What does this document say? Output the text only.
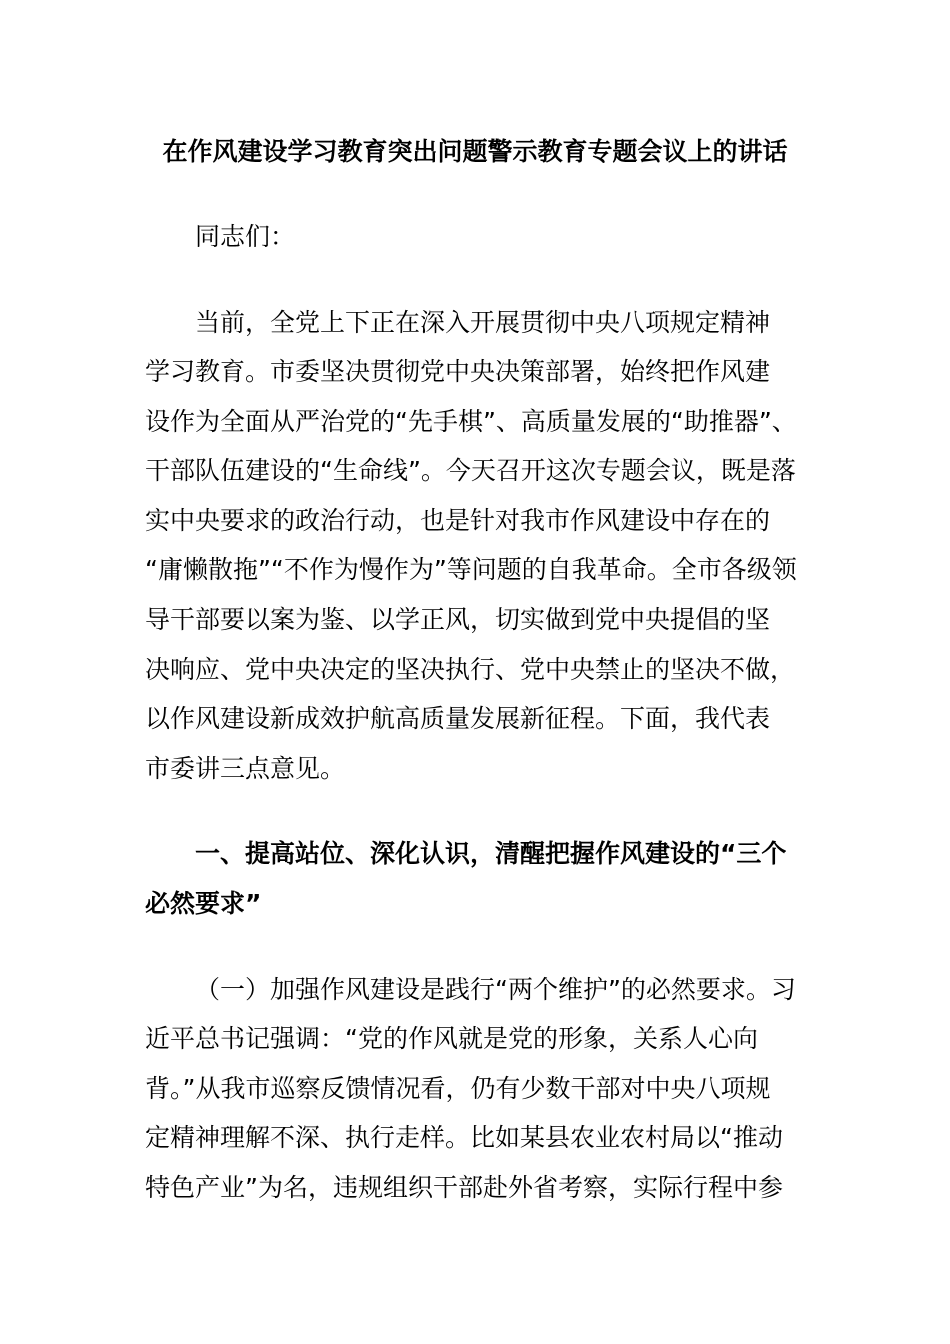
在作风建设学习教育突出问题警示教育专题会议上的讲话
同志们：
当前，全党上下正在深入开展贯彻中央八项规定精神
学习教育。市委坚决贯彻党中央决策部署，始终把作风建
设作为全面从严治党的“先手棋”、高质量发展的“助推器”、
干部队伍建设的“生命线”。今天召开这次专题会议，既是落
实中央要求的政治行动，也是针对我市作风建设中存在的
“庸懒散拖”“不作为慢作为”等问题的自我革命。全市各级领
导干部要以案为鉴、以学正风，切实做到党中央提倡的坚
决响应、党中央决定的坚决执行、党中央禁止的坚决不做，
以作风建设新成效护航高质量发展新征程。下面，我代表
市委讲三点意见。
一、提高站位、深化认识，清醒把握作风建设的“三个
必然要求”
（一）加强作风建设是践行“两个维护”的必然要求。习
近平总书记强调：“党的作风就是党的形象，关系人心向
背。”从我市巡察反馈情况看，仍有少数干部对中央八项规
定精神理解不深、执行走样。比如某县农业农村局以“推动
特色产业”为名，违规组织干部赴外省考察，实际行程中参
